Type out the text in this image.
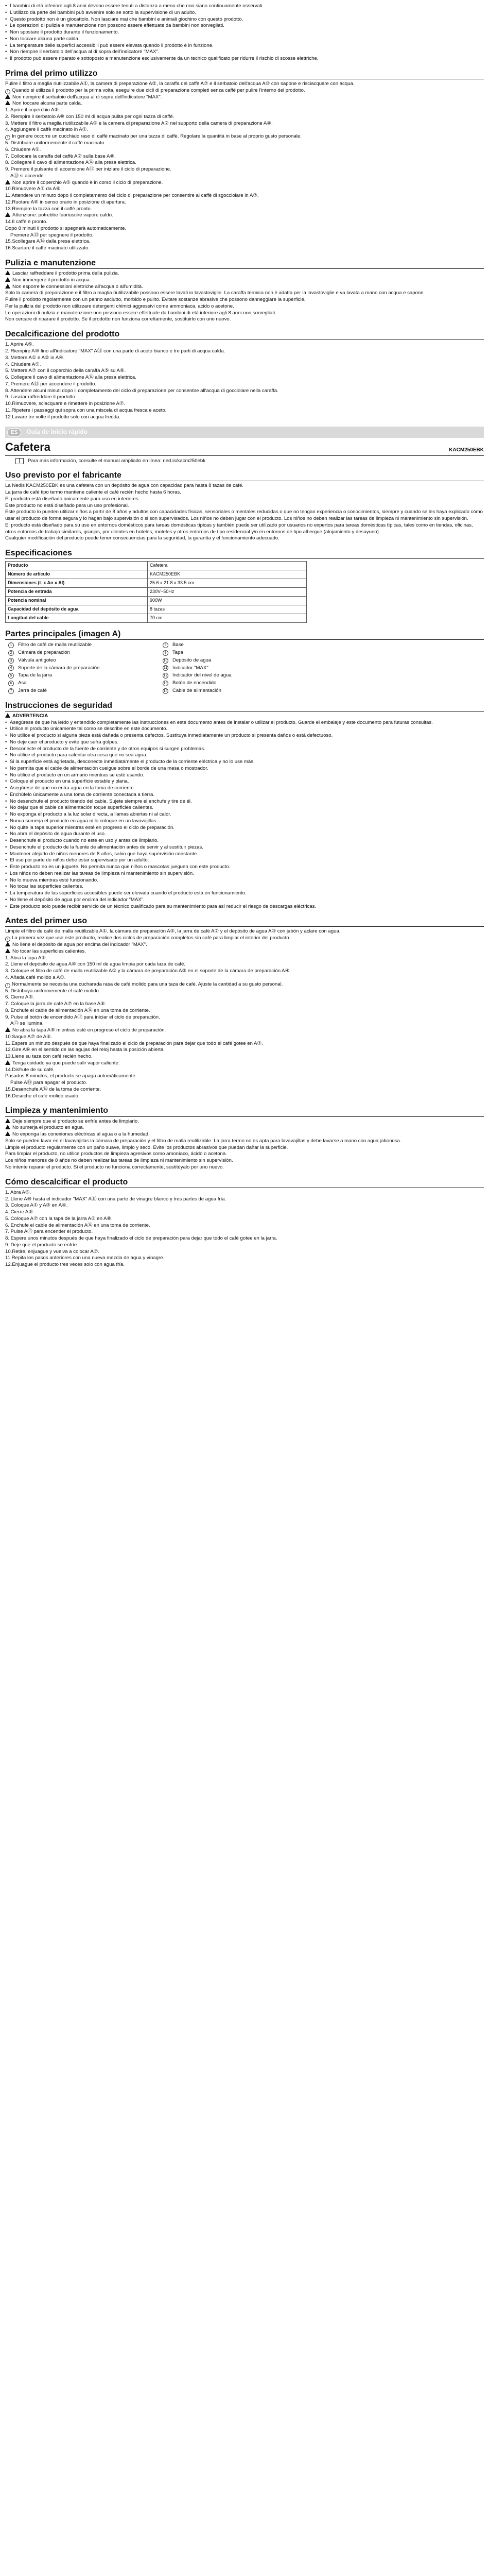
• I bambini di età inferiore agli 8 anni devono essere tenuti a distanza a meno che non siano continuamente osservati.
• L'utilizzo da parte dei bambini può avvenire solo se sotto la supervisione di un adulto.
• Questo prodotto non è un giocattolo. Non lasciare mai che bambini e animali giochino con questo prodotto.
• Le operazioni di pulizia e manutenzione non possono essere effettuate da bambini non sorvegliati.
• Non spostare il prodotto durante il funzionamento.
• Non toccare alcuna parte calda.
• La temperatura delle superfici accessibili può essere elevata quando il prodotto è in funzione.
• Non riempire il serbatoio dell'acqua al di sopra dell'indicatore "MAX".
• Il prodotto può essere riparato e sottoposto a manutenzione esclusivamente da un tecnico qualificato per ridurre il rischio di scosse elettriche.
Prima del primo utilizzo

Pulire il filtro a maglia riutilizzabile A①, la camera di preparazione A②, la caraffa del caffè A⑦ e il serbatoio dell'acqua A⑩ con sapone e risciacquare con acqua.

i Quando si utilizza il prodotto per la prima volta, eseguire due cicli di preparazione completi senza caffè per pulire l'interno del prodotto.

Non riempire il serbatoio dell'acqua al di sopra dell'indicatore "MAX".

Non toccare alcuna parte calda.

1. Aprire il coperchio A⑤.

2. Riempire il serbatoio A⑩ con 150 ml di acqua pulita per ogni tazza di caffè.

3. Mettere il filtro a maglia riutilizzabile A① e la camera di preparazione A② nel supporto della camera di preparazione A④.

4. Aggiungere il caffè macinato in A①.

i In genere occorre un cucchiaio raso di caffè macinato per una tazza di caffè. Regolare la quantità in base al proprio gusto personale.

5. Distribuire uniformemente il caffè macinato.

6. Chiudere A⑤.

7. Collocare la caraffa del caffè A⑦ sulla base A⑧.

8. Collegare il cavo di alimentazione A⑭ alla presa elettrica.

9. Premere il pulsante di accensione A⑬ per iniziare il ciclo di preparazione.

A⑬ si accende.

Non aprire il coperchio A⑤ quando è in corso il ciclo di preparazione.

10.Rimuovere A⑦ da A⑧.

11.Attendere un minuto dopo il completamento del ciclo di preparazione per consentire al caffè di sgocciolare in A⑦.

12.Ruotare A⑥ in senso orario in posizione di apertura.

13.Riempire la tazza con il caffè pronto.

Attenzione: potrebbe fuoriuscire vapore caldo.

14.Il caffè è pronto.

Dopo 8 minuti il prodotto si spegnerà automaticamente.

Premere A⑬ per spegnere il prodotto.

15.Scollegare A⑭ dalla presa elettrica.

16.Scartare il caffè macinato utilizzato.

Pulizia e manutenzione

Lasciar raffreddare il prodotto prima della pulizia.

Non immergere il prodotto in acqua.

Non esporre le connessioni elettriche all'acqua o all'umidità.

Solo la camera di preparazione e il filtro a maglia riutilizzabile possono essere lavati in lavastoviglie. La caraffa termica non è adatta per la lavastoviglie e va lavata a mano con acqua e sapone.

Pulire il prodotto regolarmente con un panno asciutto, morbido e pulito. Evitare sostanze abrasive che possono danneggiare la superficie.

Per la pulizia del prodotto non utilizzare detergenti chimici aggressivi come ammoniaca, acido o acetone.

Le operazioni di pulizia e manutenzione non possono essere effettuate da bambini di età inferiore agli 8 anni non sorvegliati.

Non cercare di riparare il prodotto. Se il prodotto non funziona correttamente, sostituirlo con uno nuovo.

Decalcificazione del prodotto

1. Aprire A⑤.

2. Riempire A⑩ fino all'indicatore "MAX" A⑪ con una parte di aceto bianco e tre parti di acqua calda.

3. Mettere A① e A② in A④.

4. Chiudere A⑤.

5. Mettere A⑦ con il coperchio della caraffa A⑤ su A⑧.

6. Collegare il cavo di alimentazione A⑭ alla presa elettrica.

7. Premere A⑬ per accendere il prodotto.

8. Attendere alcuni minuti dopo il completamento del ciclo di preparazione per consentire all'acqua di gocciolare nella caraffa.

9. Lasciar raffreddare il prodotto.

10.Rimuovere, sciacquare e rimettere in posizione A⑦.

11.Ripetere i passaggi qui sopra con una miscela di acqua fresca e aceto.

12.Lavare tre volte il prodotto solo con acqua fredda.

ES	Guía de inicio rápido
Cafetera	KACM250EBK
Para más información, consulte el manual ampliado en línea: ned.is/kacm250ebk
Uso previsto por el fabricante

La Nedis KACM250EBK es una cafetera con un depósito de agua con capacidad para hasta 8 tazas de café.

La jarra de café tipo termo mantiene caliente el café recién hecho hasta 6 horas.

El producto está diseñado únicamente para uso en interiores.

Este producto no está diseñado para un uso profesional.

Este producto lo pueden utilizar niños a partir de 8 años y adultos con capacidades físicas, sensoriales o mentales reducidas o que no tengan experiencia o conocimientos, siempre y cuando se les haya explicado cómo usar el producto de forma segura y lo hagan bajo supervisión o si son supervisados. Los niños no deben jugar con el producto. Los niños no deben realizar las tareas de limpieza ni mantenimiento sin supervisión.

El producto está diseñado para su uso en entornos domésticos para tareas domésticas típicas y también puede ser utilizado por usuarios no expertos para tareas domésticas típicas, tales como en tiendas, oficinas, otros entornos de trabajo similares, granjas, por clientes en hoteles, moteles y otros entornos de tipo residencial y/o en entornos de tipo albergue (alojamiento y desayuno).

Cualquier modificación del producto puede tener consecuencias para la seguridad, la garantía y el funcionamiento adecuado.

Especificaciones
Producto	Cafetera
Número de artículo	KACM250EBK
Dimensiones (L x An x Al)	25.6 x 21.8 x 33.5 cm
Potencia de entrada	230V~50Hz
Potencia nominal	900W
Capacidad del depósito de agua	8 tazas
Longitud del cable	70 cm
Partes principales (imagen A)
1	Filtro de café de malla reutilizable	8	Base
2	Cámara de preparación	9	Tapa
3	Válvula antigoteo	10 Depósito de agua
4	Soporte de la cámara de preparación	11 Indicador "MAX"
5	Tapa de la jarra	12 Indicador del nivel de agua
6	Asa	13 Botón de encendido
7	Jarra de café	14 Cable de alimentación
Instrucciones de seguridad

ADVERTENCIA

• Asegúrese de que ha leído y entendido completamente las instrucciones en este documento antes de instalar o utilizar el producto. Guarde el embalaje y este documento para futuras consultas.
• Utilice el producto únicamente tal como se describe en este documento.
• No utilice el producto si alguna pieza está dañada o presenta defectos. Sustituya inmediatamente un producto si presenta daños o está defectuoso.
• No deje caer el producto y evite que sufra golpes.
• Desconecte el producto de la fuente de corriente y de otros equipos si surgen problemas.
• No utilice el producto para calentar otra cosa que no sea agua.
• Si la superficie está agrietada, desconecte inmediatamente el producto de la corriente eléctrica y no lo use más.
• No permita que el cable de alimentación cuelgue sobre el borde de una mesa o mostrador.
• No utilice el producto en un armario mientras se esté usando.
• Coloque el producto en una superficie estable y plana.
• Asegúrese de que no entra agua en la toma de corriente.
• Enchúfelo únicamente a una toma de corriente conectada a tierra.
• No desenchufe el producto tirando del cable. Sujete siempre el enchufe y tire de él.
• No dejar que el cable de alimentación toque superficies calientes.
• No exponga el producto a la luz solar directa, a llamas abiertas ni al calor.
• Nunca sumerja el producto en agua ni lo coloque en un lavavajillas.
• No quite la tapa superior mientras esté en progreso el ciclo de preparación.
• No abra el depósito de agua durante el uso.
• Desenchufe el producto cuando no esté en uso y antes de limpiarlo.
• Desenchufe el producto de la fuente de alimentación antes de servir y al sustituir piezas.
• Mantener alejado de niños menores de 8 años, salvo que haya supervisión constante.
• El uso por parte de niños debe estar supervisado por un adulto.
• Este producto no es un juguete. No permita nunca que niños o mascotas jueguen con este producto.
• Los niños no deben realizar las tareas de limpieza ni mantenimiento sin supervisión.
• No lo mueva mientras esté funcionando.
• No tocar las superficies calientes.
• La temperatura de las superficies accesibles puede ser elevada cuando el producto está en funcionamiento.
• No llene el depósito de agua por encima del indicador "MAX".
• Este producto solo puede recibir servicio de un técnico cualificado para su mantenimiento para así reducir el riesgo de descargas eléctricas.
Antes del primer uso

Limpie el filtro de café de malla reutilizable A①, la cámara de preparación A②, la jarra de café A⑦ y el depósito de agua A⑩ con jabón y aclare con agua.

i La primera vez que use este producto, realice dos ciclos de preparación completos sin café para limpiar el interior del producto.

No llene el depósito de agua por encima del indicador "MAX".

No tocar las superficies calientes.

1. Abra la tapa A⑤.

2. Llene el depósito de agua A⑩ con 150 ml de agua limpia por cada taza de café.

3. Coloque el filtro de café de malla reutilizable A① y la cámara de preparación A② en el soporte de la cámara de preparación A④.

4. Añada café molido a A①.

i Normalmente se necesita una cucharada rasa de café molido para una taza de café. Ajuste la cantidad a su gusto personal.

5. Distribuya uniformemente el café molido.

6. Cierre A⑤.

7. Coloque la jarra de café A⑦ en la base A⑧.

8. Enchufe el cable de alimentación A⑭ en una toma de corriente.

9. Pulse el botón de encendido A⑬ para iniciar el ciclo de preparación.

A⑬ se ilumina.

No abra la tapa A⑤ mientras esté en progreso el ciclo de preparación.

10.Saque A⑦ de A⑧.

11.Espere un minuto después de que haya finalizado el ciclo de preparación para dejar que todo el café gotee en A⑦.

12.Gire A⑥ en el sentido de las agujas del reloj hasta la posición abierta.

13.Llene su taza con café recién hecho.

Tenga cuidado ya que puede salir vapor caliente.

14.Disfrute de su café.

Pasados 8 minutos, el producto se apaga automáticamente.

Pulse A⑬ para apagar el producto.

15.Desenchufe A⑭ de la toma de corriente.

16.Deseche el café molido usado.

Limpieza y mantenimiento

Deje siempre que el producto se enfríe antes de limpiarlo.

No sumerja el producto en agua.

No exponga las conexiones eléctricas al agua o a la humedad.

Solo se pueden lavar en el lavavajillas la cámara de preparación y el filtro de malla reutilizable. La jarra termo no es apta para lavavajillas y debe lavarse a mano con agua jabonosa.

Limpie el producto regularmente con un paño suave, limpio y seco. Evite los productos abrasivos que puedan dañar la superficie.

Para limpiar el producto, no utilice productos de limpieza agresivos como amoníaco, ácido o acetona.

Los niños menores de 8 años no deben realizar las tareas de limpieza ni mantenimiento sin supervisión.

No intente reparar el producto. Si el producto no funciona correctamente, sustitúyalo por uno nuevo.

Cómo descalcificar el producto

1. Abra A⑤.

2. Llene A⑩ hasta el indicador "MAX" A⑪ con una parte de vinagre blanco y tres partes de agua fría.

3. Coloque A① y A② en A④.

4. Cierre A⑤.

5. Coloque A⑦ con la tapa de la jarra A⑤ en A⑧.

6. Enchufe el cable de alimentación A⑭ en una toma de corriente.

7. Pulse A⑬ para encender el producto.

8. Espere unos minutos después de que haya finalizado el ciclo de preparación para dejar que todo el café gotee en la jarra.

9. Deje que el producto se enfríe.

10.Retire, enjuague y vuelva a colocar A⑦.

11.Repita los pasos anteriores con una nueva mezcla de agua y vinagre.

12.Enjuague el producto tres veces solo con agua fría.
